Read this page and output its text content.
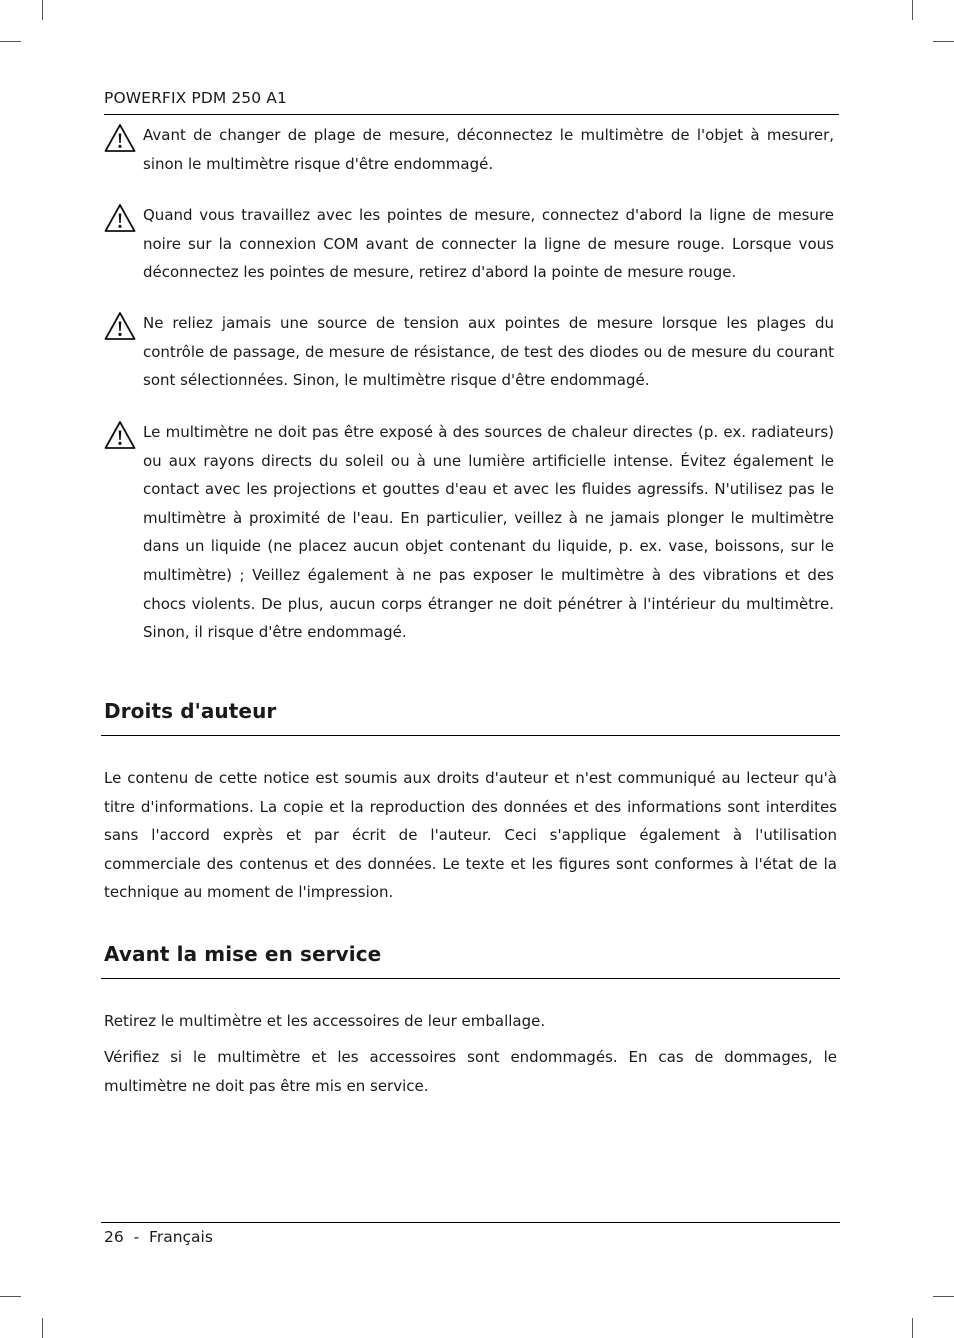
POWERFIX PDM 250 A1

Avant de changer de plage de mesure, déconnectez le multimètre de l'objet à mesurer, sinon le multimètre risque d'être endommagé.

Quand vous travaillez avec les pointes de mesure, connectez d'abord la ligne de mesure noire sur la connexion COM avant de connecter la ligne de mesure rouge. Lorsque vous déconnectez les pointes de mesure, retirez d'abord la pointe de mesure rouge.

Ne reliez jamais une source de tension aux pointes de mesure lorsque les plages du contrôle de passage, de mesure de résistance, de test des diodes ou de mesure du courant sont sélectionnées. Sinon, le multimètre risque d'être endommagé.

Le multimètre ne doit pas être exposé à des sources de chaleur directes (p. ex. radiateurs) ou aux rayons directs du soleil ou à une lumière artificielle intense. Évitez également le contact avec les projections et gouttes d'eau et avec les fluides agressifs. N'utilisez pas le multimètre à proximité de l'eau. En particulier, veillez à ne jamais plonger le multimètre dans un liquide (ne placez aucun objet contenant du liquide, p. ex. vase, boissons, sur le multimètre) ; Veillez également à ne pas exposer le multimètre à des vibrations et des chocs violents. De plus, aucun corps étranger ne doit pénétrer à l'intérieur du multimètre. Sinon, il risque d'être endommagé.

Droits d'auteur

Le contenu de cette notice est soumis aux droits d'auteur et n'est communiqué au lecteur qu'à titre d'informations. La copie et la reproduction des données et des informations sont interdites sans l'accord exprès et par écrit de l'auteur. Ceci s'applique également à l'utilisation commerciale des contenus et des données. Le texte et les figures sont conformes à l'état de la technique au moment de l'impression.

Avant la mise en service

Retirez le multimètre et les accessoires de leur emballage.

Vérifiez si le multimètre et les accessoires sont endommagés. En cas de dommages, le multimètre ne doit pas être mis en service.

26 - Français
